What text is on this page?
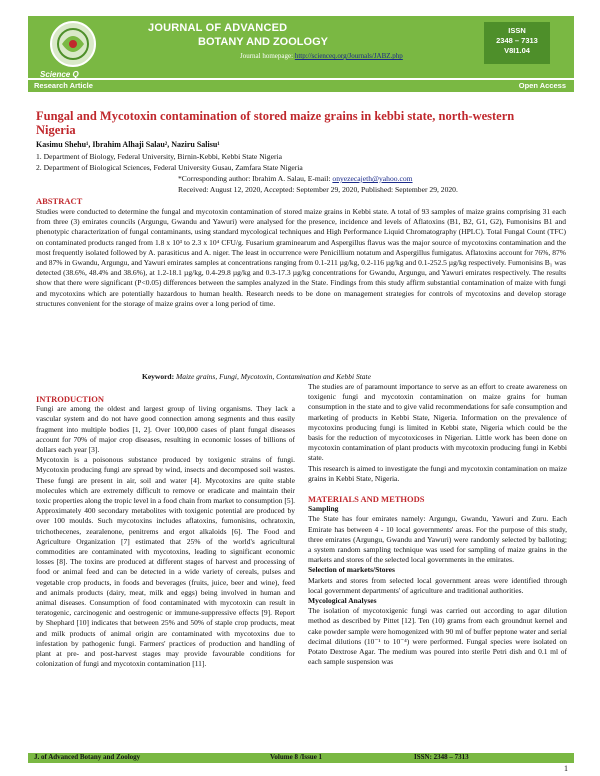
Science Q
JOURNAL OF ADVANCED
BOTANY AND ZOOLOGY
Journal homepage: http://scienceq.org/Journals/JABZ.php
ISSN
2348 – 7313
V8I1.04
Research Article	Open Access
Fungal and Mycotoxin contamination of stored maize grains in kebbi state, north-western Nigeria
Kasimu Shehu¹, Ibrahim Alhaji Salau², Naziru Salisu¹
1. Department of Biology, Federal University, Birnin-Kebbi, Kebbi State Nigeria
2. Department of Biological Sciences, Federal University Gusau, Zamfara State Nigeria
*Corresponding author: Ibrahim A. Salau, E-mail: onyezecajeth@yahoo.com
Received: August 12, 2020, Accepted: September 29, 2020, Published: September 29, 2020.
ABSTRACT
Studies were conducted to determine the fungal and mycotoxin contamination of stored maize grains in Kebbi state. A total of 93 samples of maize grains comprising 31 each from three (3) emirates councils (Argungu, Gwandu and Yawuri) were analysed for the presence, incidence and levels of Aflatoxins (B1, B2, G1, G2), Fumonisins B1 and phenotypic characterization of fungal contaminants, using standard mycological techniques and High Performance Liquid Chromatography (HPLC). Total Fungal Count (TFC) on contaminated products ranged from 1.8 x 10³ to 2.3 x 10⁴ CFU/g. Fusarium graminearum and Aspergillus flavus was the major source of mycotoxins contamination and the most frequently isolated followed by A. parasiticus and A. niger. The least in occurrence were Penicillium notatum and Aspergillus fumigatus. Aflatoxins account for 76%, 87% and 87% in Gwandu, Argungu, and Yawuri emirates samples at concentrations ranging from 0.1-211 µg/kg, 0.2-116 µg/kg and 0.1-252.5 µg/kg respectively. Fumonisins B₁ was detected (38.6%, 48.4% and 38.6%), at 1.2-18.1 µg/kg, 0.4-29.8 µg/kg and 0.3-17.3 µg/kg concentrations for Gwandu, Argungu, and Yawuri emirates respectively. The results show that there were significant (P<0.05) differences between the samples analyzed in the State. Findings from this study affirm substantial contamination of maize with fungi and mycotoxins which are potentially hazardous to human health. Research needs to be done on management strategies for controls of mycotoxins and develop storage structures convenient for the storage of maize grains over a long period of time.
Keyword: Maize grains, Fungi, Mycotoxin, Contamination and Kebbi State

INTRODUCTION

Fungi are among the oldest and largest group of living organisms. They lack a vascular system and do not have good connection among segments and thus easily fragment into multiple bodies [1, 2]. Over 100,000 cases of plant fungal diseases account for 70% of major crop diseases, resulting in economic losses of billions of dollars each year [3].

Mycotoxin is a poisonous substance produced by toxigenic strains of fungi. Mycotoxin producing fungi are spread by wind, insects and decomposed soil wastes. These fungi are present in air, soil and water [4]. Mycotoxins are quite stable molecules which are extremely difficult to remove or eradicate and maintain their toxic properties along the tropic level in a food chain from market to consumption [5]. Approximately 400 secondary metabolites with toxigenic potential are produced by over 100 moulds. Such mycotoxins includes aflatoxins, fumonisins, ochratoxin, trichothecenes, zearalenone, penitrems and ergot alkaloids [6]. The Food and Agriculture Organization [7] estimated that 25% of the world's agricultural commodities are contaminated with mycotoxins, leading to significant economic losses [8]. The toxins are produced at different stages of harvest and processing of food or animal feed and can be detected in a wide variety of cereals, pulses and vegetable crop products, in foods and beverages (fruits, juice, beer and wine), feed and animals products (dairy, meat, milk and eggs) being involved in human and animal diseases. Consumption of food contaminated with mycotoxin can result in teratogenic, carcinogenic and oestrogenic or immune-suppressive effects [9]. Report by Shephard [10] indicates that between 25% and 50% of staple crop products, meat and milk products of animal origin are contaminated with mycotoxins due to infestation by pathogenic fungi. Farmers' practices of production and handling of plant at pre- and post-harvest stages may provide favourable conditions for colonization of fungi and mycotoxin contamination [11].

The studies are of paramount importance to serve as an effort to create awareness on toxigenic fungi and mycotoxin contamination on maize grains for human consumption in the state and to give valid recommendations for safe consumption and marketing of products in Kebbi State, Nigeria. Information on the prevalence of mycotoxins producing fungi is limited in Kebbi state, Nigeria which could be the basis for the reduction of mycotoxicoses in Nigerian. Little work has been done on mycotoxin contamination of plant products with mycotoxin producing fungi in Kebbi state.

This research is aimed to investigate the fungi and mycotoxin contamination on maize grains in Kebbi State, Nigeria.

MATERIALS AND METHODS

Sampling

The State has four emirates namely: Argungu, Gwandu, Yawuri and Zuru. Each Emirate has between 4 - 10 local governments' areas. For the purpose of this study, three emirates (Argungu, Gwandu and Yawuri) were randomly selected by balloting; a system random sampling technique was used for sampling of maize grains in the markets and stores of the selected local governments in the emirates.

Selection of markets/Stores

Markets and stores from selected local government areas were identified through local government departments' of agriculture and traditional authorities.

Mycological Analyses

The isolation of mycotoxigenic fungi was carried out according to agar dilution method as described by Pittet [12]. Ten (10) grams from each groundnut kernel and cake powder sample were homogenized with 90 ml of buffer peptone water and serial decimal dilutions (10⁻¹ to 10⁻⁴) were performed. Fungal species were isolated on Potato Dextrose Agar. The medium was poured into sterile Petri dish and 0.1 ml of each sample suspension was

J. of Advanced Botany and Zoology	Volume 8 /Issue 1	ISSN: 2348 – 7313
1
